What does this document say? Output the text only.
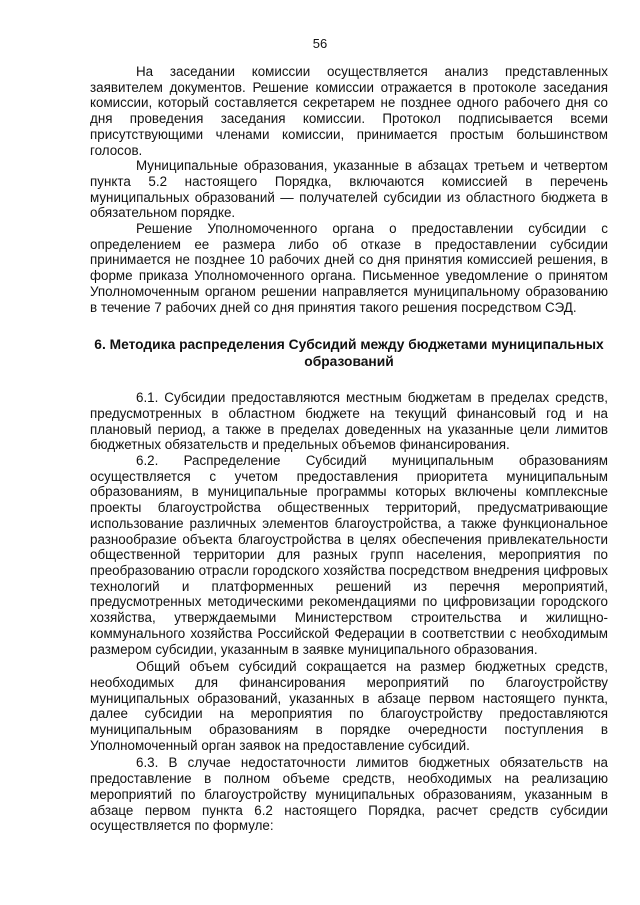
56

На заседании комиссии осуществляется анализ представленных заявителем документов. Решение комиссии отражается в протоколе заседания комиссии, который составляется секретарем не позднее одного рабочего дня со дня проведения заседания комиссии. Протокол подписывается всеми присутствующими членами комиссии, принимается простым большинством голосов.

Муниципальные образования, указанные в абзацах третьем и четвертом пункта 5.2 настоящего Порядка, включаются комиссией в перечень муниципальных образований — получателей субсидии из областного бюджета в обязательном порядке.

Решение Уполномоченного органа о предоставлении субсидии с определением ее размера либо об отказе в предоставлении субсидии принимается не позднее 10 рабочих дней со дня принятия комиссией решения, в форме приказа Уполномоченного органа. Письменное уведомление о принятом Уполномоченным органом решении направляется муниципальному образованию в течение 7 рабочих дней со дня принятия такого решения посредством СЭД.

6. Методика распределения Субсидий между бюджетами муниципальных образований

6.1. Субсидии предоставляются местным бюджетам в пределах средств, предусмотренных в областном бюджете на текущий финансовый год и на плановый период, а также в пределах доведенных на указанные цели лимитов бюджетных обязательств и предельных объемов финансирования.

6.2. Распределение Субсидий муниципальным образованиям осуществляется с учетом предоставления приоритета муниципальным образованиям, в муниципальные программы которых включены комплексные проекты благоустройства общественных территорий, предусматривающие использование различных элементов благоустройства, а также функциональное разнообразие объекта благоустройства в целях обеспечения привлекательности общественной территории для разных групп населения, мероприятия по преобразованию отрасли городского хозяйства посредством внедрения цифровых технологий и платформенных решений из перечня мероприятий, предусмотренных методическими рекомендациями по цифровизации городского хозяйства, утверждаемыми Министерством строительства и жилищно-коммунального хозяйства Российской Федерации в соответствии с необходимым размером субсидии, указанным в заявке муниципального образования.

Общий объем субсидий сокращается на размер бюджетных средств, необходимых для финансирования мероприятий по благоустройству муниципальных образований, указанных в абзаце первом настоящего пункта, далее субсидии на мероприятия по благоустройству предоставляются муниципальным образованиям в порядке очередности поступления в Уполномоченный орган заявок на предоставление субсидий.

6.3. В случае недостаточности лимитов бюджетных обязательств на предоставление в полном объеме средств, необходимых на реализацию мероприятий по благоустройству муниципальных образованиям, указанным в абзаце первом пункта 6.2 настоящего Порядка, расчет средств субсидии осуществляется по формуле:
